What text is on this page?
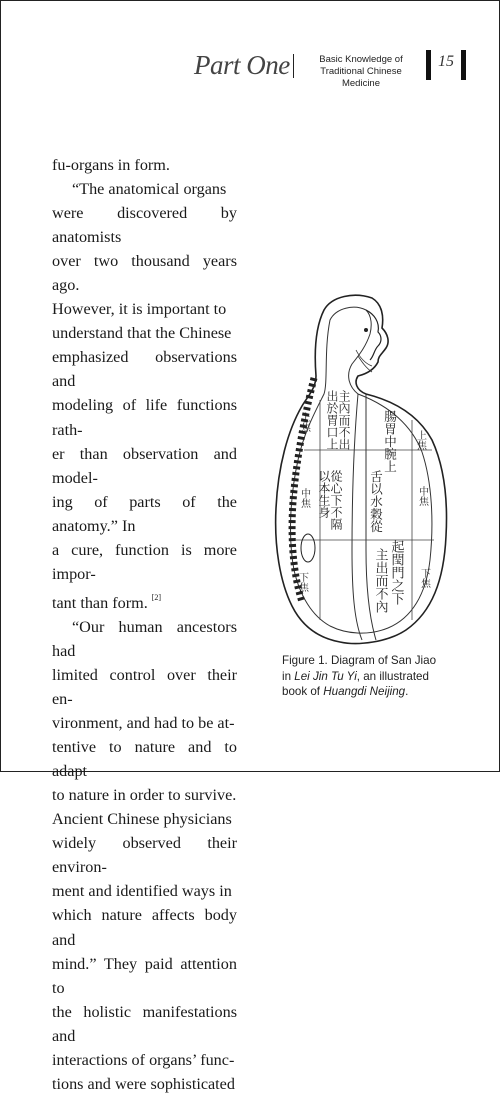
Part One	Basic Knowledge of
Traditional Chinese Medicine
15

fu-organs in form.

“The anatomical organs

were discovered by anatomists

over two thousand years ago.

However, it is important to

understand that the Chinese

emphasized observations and

modeling of life functions rath-

er than observation and model-

ing of parts of the anatomy.” In

a cure, function is more impor-

tant than form. [2]

“Our human ancestors had

limited control over their en-

vironment, and had to be at-

tentive to nature and to adapt

to nature in order to survive.

Ancient Chinese physicians

widely observed their environ-

ment and identified ways in

which nature affects body and

mind.” They paid attention to

the holistic manifestations and

interactions of organs’ func-

tions and were sophisticated

上焦
上焦
中焦	中焦
下焦	下焦
出於胃口上
主內而不出
從心下不隔
以本生身
腸胃中腕上
舌以水穀從
起閠門之下
主出而不內
Figure 1. Diagram of San Jiao
in Lei Jin Tu Yi, an illustrated
book of Huangdi Neijing.
